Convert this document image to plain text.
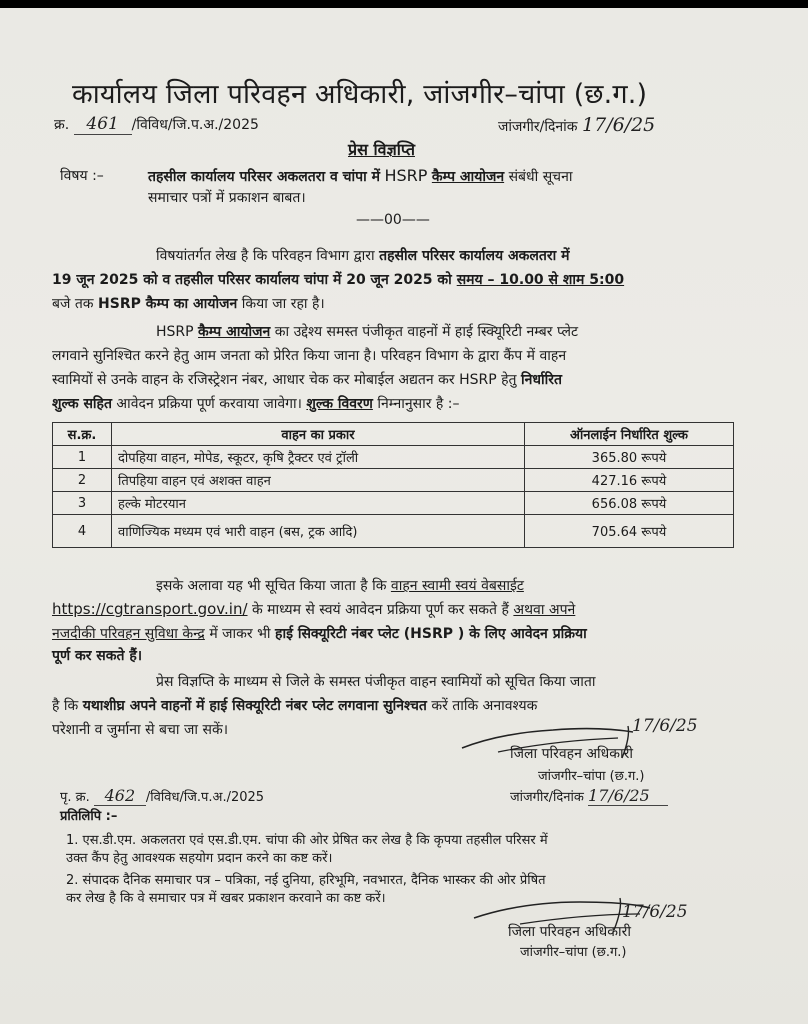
कार्यालय जिला परिवहन अधिकारी, जांजगीर–चांपा (छ.ग.)
क्र. 461 /विविध/जि.प.अ./2025	जांजगीर/दिनांक 17/6/25
प्रेस विज्ञप्ति
विषय :–	तहसील कार्यालय परिसर अकलतरा व चांपा में HSRP कैम्प आयोजन संबंधी सूचना
समाचार पत्रों में प्रकाशन बाबत।
——00——
विषयांतर्गत लेख है कि परिवहन विभाग द्वारा तहसील परिसर कार्यालय अकलतरा में
19 जून 2025 को व तहसील परिसर कार्यालय चांपा में 20 जून 2025 को समय – 10.00 से शाम 5:00
बजे तक HSRP कैम्प का आयोजन किया जा रहा है।
HSRP कैम्प आयोजन का उद्देश्य समस्त पंजीकृत वाहनों में हाई स्क्यिूरिटी नम्बर प्लेट
लगवाने सुनिश्चित करने हेतु आम जनता को प्रेरित किया जाना है। परिवहन विभाग के द्वारा कैंप में वाहन
स्वामियों से उनके वाहन के रजिस्ट्रेशन नंबर, आधार चेक कर मोबाईल अद्यतन कर HSRP हेतु निर्धारित
शुल्क सहित आवेदन प्रक्रिया पूर्ण करवाया जावेगा। शुल्क विवरण निम्नानुसार है :–
स.क्र.	वाहन का प्रकार	ऑनलाईन निर्धारित शुल्क
1	दोपहिया वाहन, मोपेड, स्कूटर, कृषि ट्रैक्टर एवं ट्रॉली	365.80 रूपये
2	तिपहिया वाहन एवं अशक्त वाहन	427.16 रूपये
3	हल्के मोटरयान	656.08 रूपये
4	वाणिज्यिक मध्यम एवं भारी वाहन (बस, ट्रक आदि)	705.64 रूपये
इसके अलावा यह भी सूचित किया जाता है कि वाहन स्वामी स्वयं वेबसाईट
https://cgtransport.gov.in/ के माध्यम से स्वयं आवेदन प्रक्रिया पूर्ण कर सकते हैं अथवा अपने
नजदीकी परिवहन सुविधा केन्द्र में जाकर भी हाई सिक्यूरिटी नंबर प्लेट (HSRP ) के लिए आवेदन प्रक्रिया
पूर्ण कर सकते हैं।
प्रेस विज्ञप्ति के माध्यम से जिले के समस्त पंजीकृत वाहन स्वामियों को सूचित किया जाता
है कि यथाशीघ्र अपने वाहनों में हाई सिक्यूरिटी नंबर प्लेट लगवाना सुनिश्चत करें ताकि अनावश्यक
परेशानी व जुर्माना से बचा जा सकें।	17/6/25
जिला परिवहन अधिकारी
जांजगीर–चांपा (छ.ग.)
जांजगीर/दिनांक 17/6/25
पृ. क्र. 462 /विविध/जि.प.अ./2025
प्रतिलिपि :–
1. एस.डी.एम. अकलतरा एवं एस.डी.एम. चांपा की ओर प्रेषित कर लेख है कि कृपया तहसील परिसर में
उक्त कैंप हेतु आवश्यक सहयोग प्रदान करने का कष्ट करें।
2. संपादक दैनिक समाचार पत्र – पत्रिका, नई दुनिया, हरिभूमि, नवभारत, दैनिक भास्कर की ओर प्रेषित
कर लेख है कि वे समाचार पत्र में खबर प्रकाशन करवाने का कष्ट करें।
17/6/25
जिला परिवहन अधिकारी
जांजगीर–चांपा (छ.ग.)
